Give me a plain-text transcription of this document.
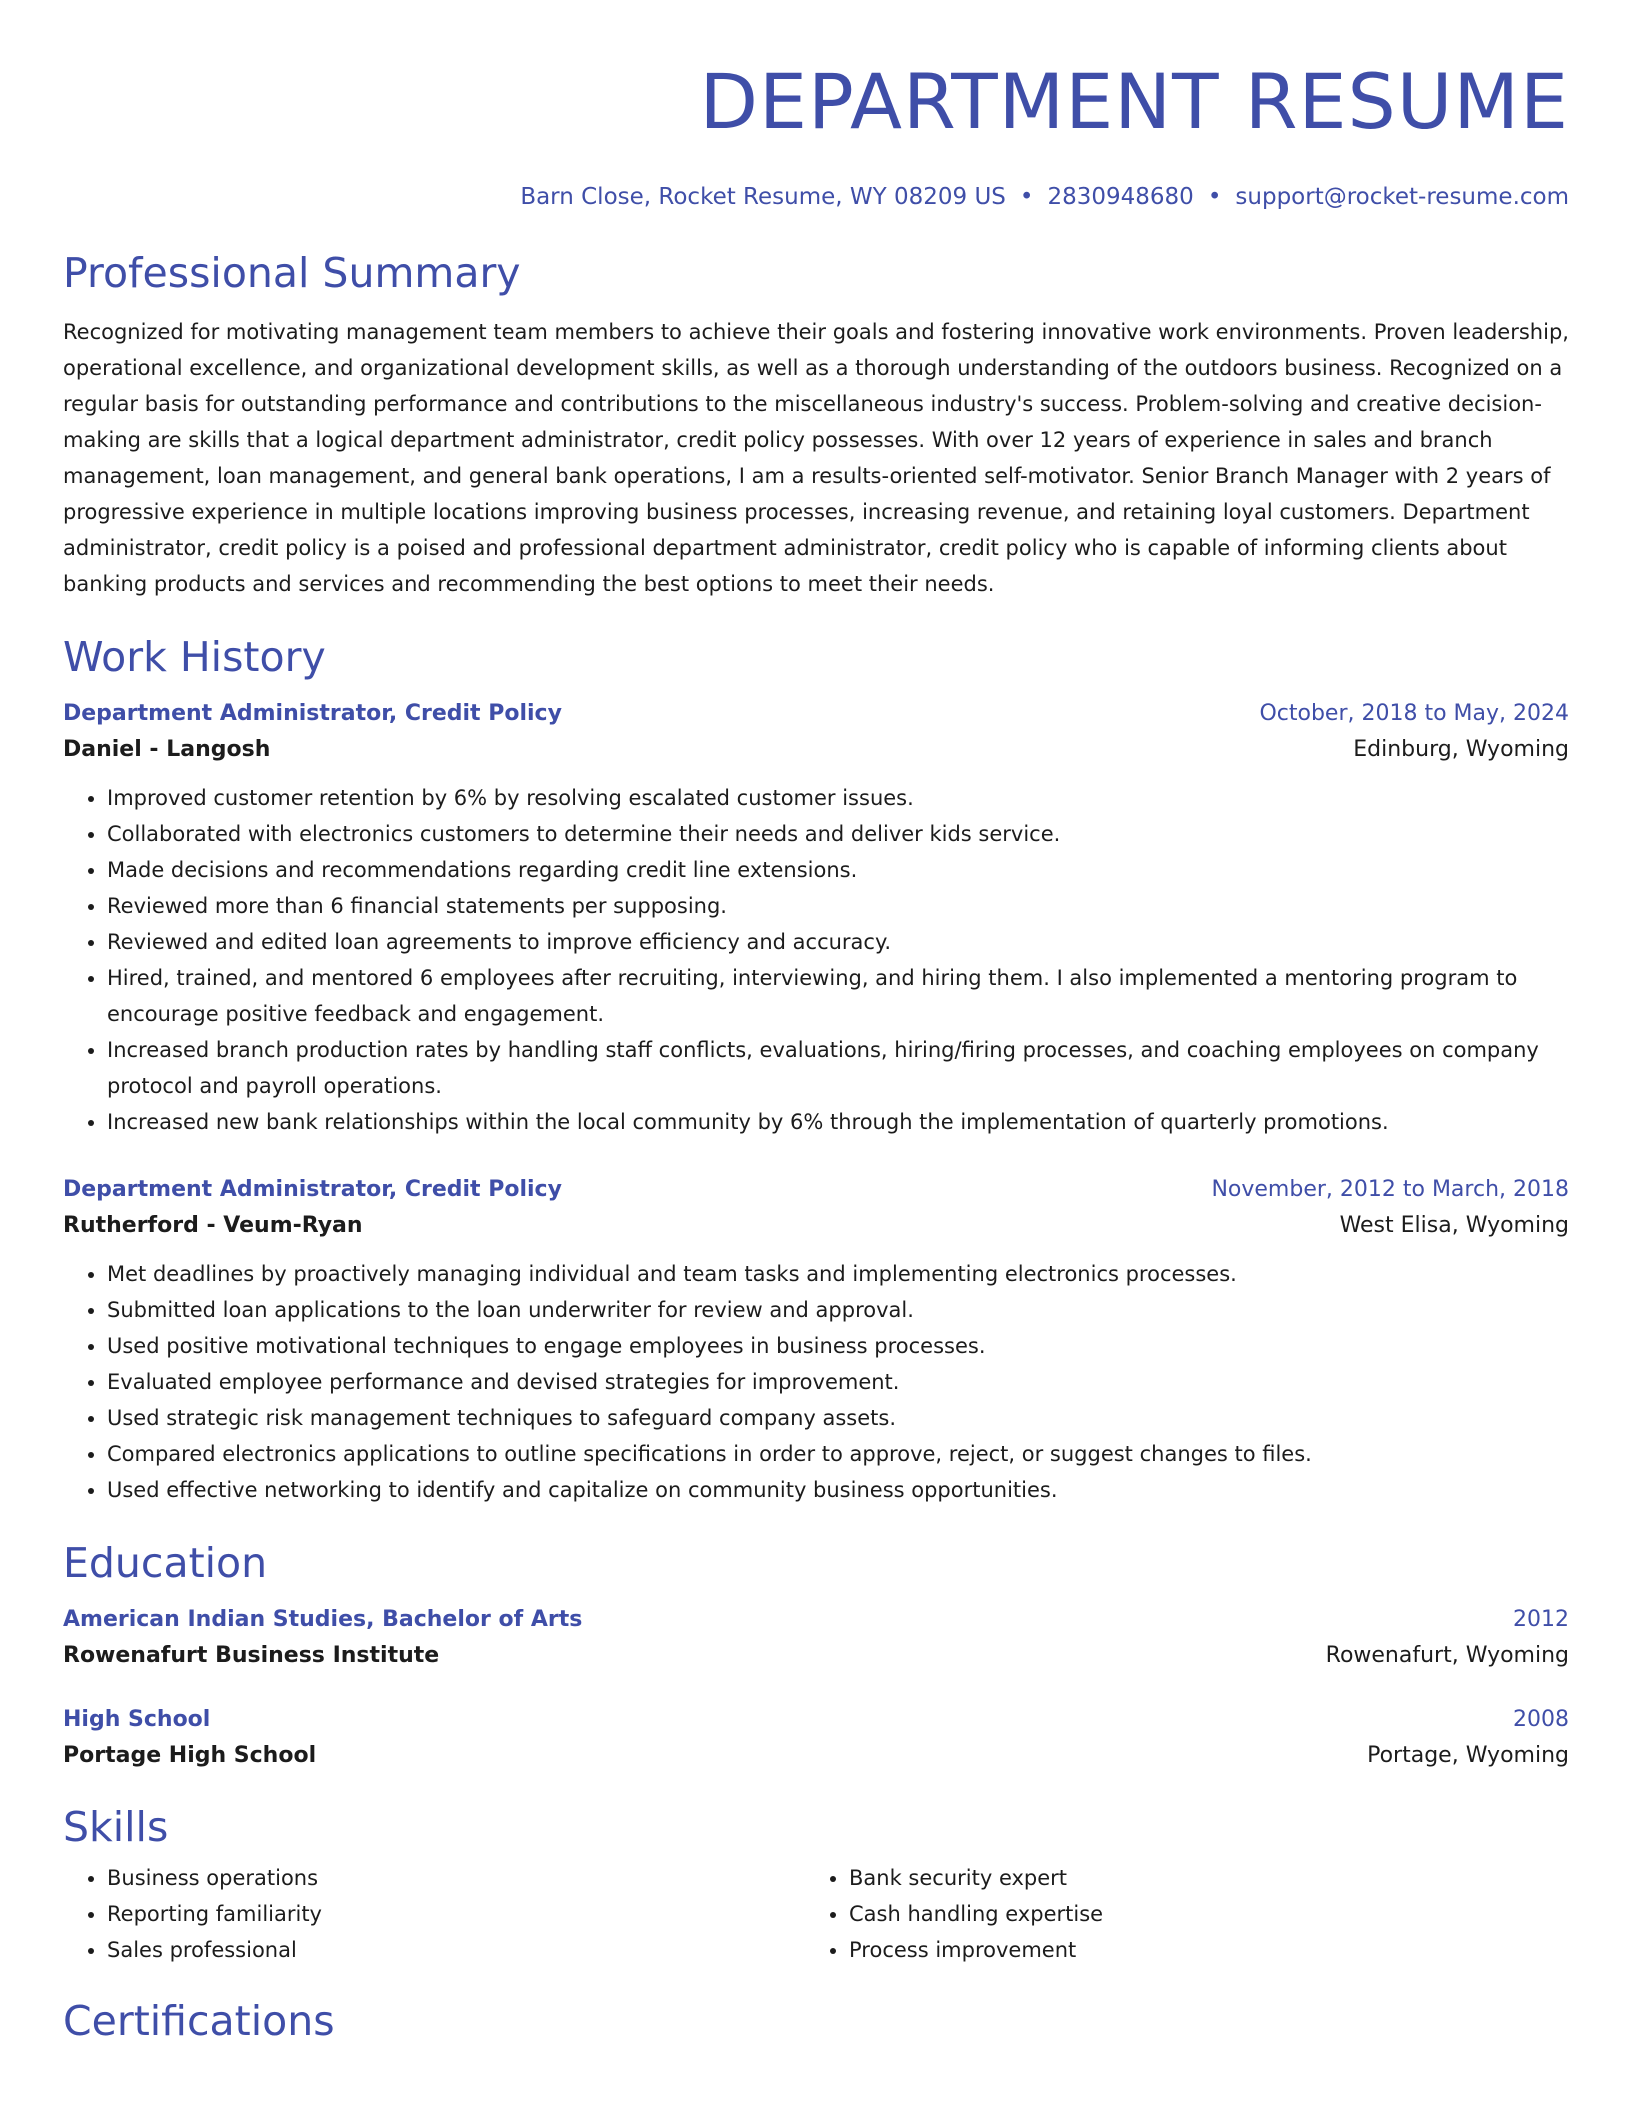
DEPARTMENT RESUME
Barn Close, Rocket Resume, WY 08209 US • 2830948680 • support@rocket-resume.com
Professional Summary
Recognized for motivating management team members to achieve their goals and fostering innovative work environments. Proven leadership, operational excellence, and organizational development skills, as well as a thorough understanding of the outdoors business. Recognized on a regular basis for outstanding performance and contributions to the miscellaneous industry's success. Problem-solving and creative decision-making are skills that a logical department administrator, credit policy possesses. With over 12 years of experience in sales and branch management, loan management, and general bank operations, I am a results-oriented self-motivator. Senior Branch Manager with 2 years of progressive experience in multiple locations improving business processes, increasing revenue, and retaining loyal customers. Department administrator, credit policy is a poised and professional department administrator, credit policy who is capable of informing clients about banking products and services and recommending the best options to meet their needs.
Work History
Department Administrator, Credit Policy	October, 2018 to May, 2024
Daniel - Langosh	Edinburg, Wyoming
• Improved customer retention by 6% by resolving escalated customer issues.
• Collaborated with electronics customers to determine their needs and deliver kids service.
• Made decisions and recommendations regarding credit line extensions.
• Reviewed more than 6 financial statements per supposing.
• Reviewed and edited loan agreements to improve efficiency and accuracy.
• Hired, trained, and mentored 6 employees after recruiting, interviewing, and hiring them. I also implemented a mentoring program to encourage positive feedback and engagement.
• Increased branch production rates by handling staff conflicts, evaluations, hiring/firing processes, and coaching employees on company protocol and payroll operations.
• Increased new bank relationships within the local community by 6% through the implementation of quarterly promotions.
Department Administrator, Credit Policy	November, 2012 to March, 2018
Rutherford - Veum-Ryan	West Elisa, Wyoming
• Met deadlines by proactively managing individual and team tasks and implementing electronics processes.
• Submitted loan applications to the loan underwriter for review and approval.
• Used positive motivational techniques to engage employees in business processes.
• Evaluated employee performance and devised strategies for improvement.
• Used strategic risk management techniques to safeguard company assets.
• Compared electronics applications to outline specifications in order to approve, reject, or suggest changes to files.
• Used effective networking to identify and capitalize on community business opportunities.
Education
American Indian Studies, Bachelor of Arts	2012
Rowenafurt Business Institute	Rowenafurt, Wyoming
High School	2008
Portage High School	Portage, Wyoming
Skills
• Business operations
• Reporting familiarity
• Sales professional
• Bank security expert
• Cash handling expertise
• Process improvement
Certifications
